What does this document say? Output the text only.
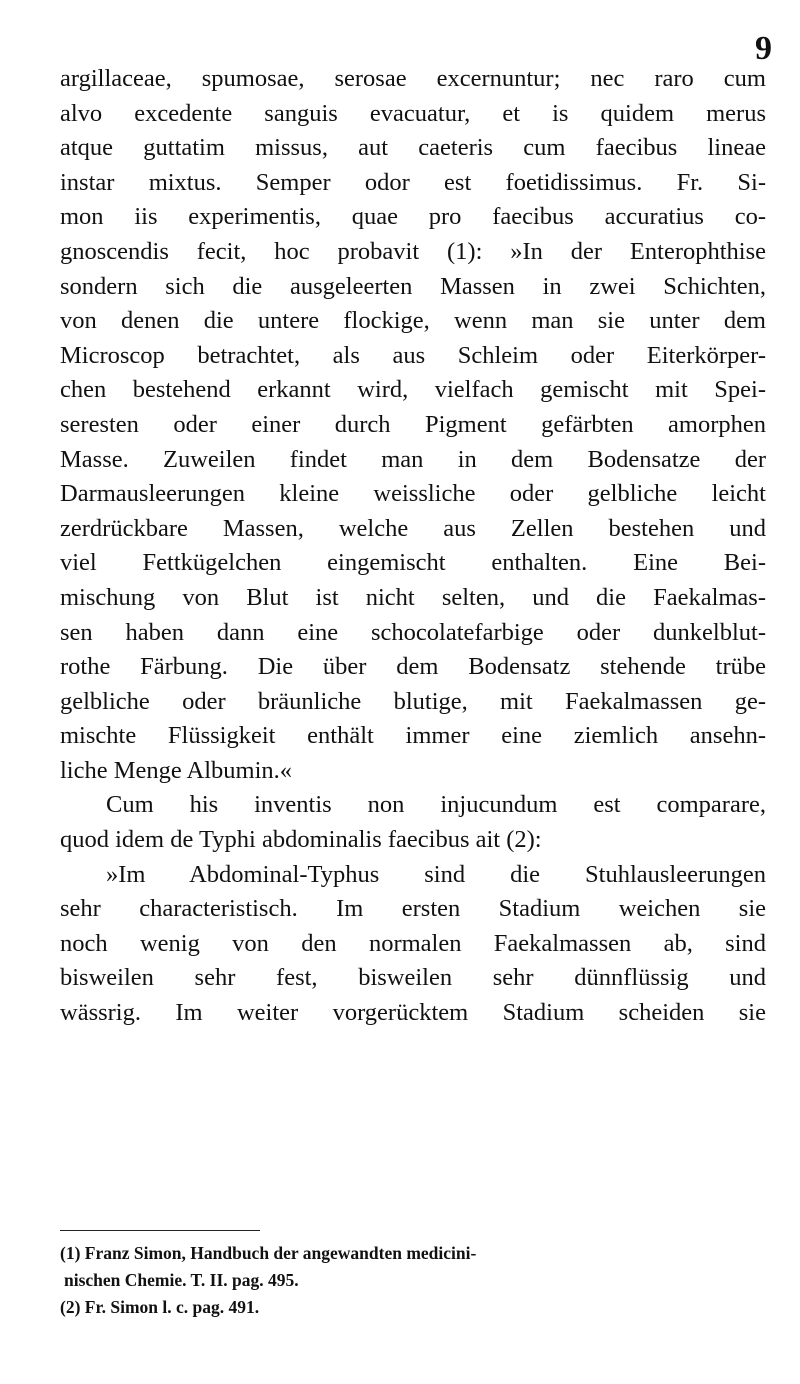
9
argillaceae, spumosae, serosae excernuntur; nec raro cum
alvo excedente sanguis evacuatur, et is quidem merus
atque guttatim missus, aut caeteris cum faecibus lineae
instar mixtus. Semper odor est foetidissimus. Fr. Si-
mon iis experimentis, quae pro faecibus accuratius co-
gnoscendis fecit, hoc probavit (1): »In der Enterophthise
sondern sich die ausgeleerten Massen in zwei Schichten,
von denen die untere flockige, wenn man sie unter dem
Microscop betrachtet, als aus Schleim oder Eiterkörper-
chen bestehend erkannt wird, vielfach gemischt mit Spei-
seresten oder einer durch Pigment gefärbten amorphen
Masse. Zuweilen findet man in dem Bodensatze der
Darmausleerungen kleine weissliche oder gelbliche leicht
zerdrückbare Massen, welche aus Zellen bestehen und
viel Fettkügelchen eingemischt enthalten. Eine Bei-
mischung von Blut ist nicht selten, und die Faekalmas-
sen haben dann eine schocolatefarbige oder dunkelblut-
rothe Färbung. Die über dem Bodensatz stehende trübe
gelbliche oder bräunliche blutige, mit Faekalmassen ge-
mischte Flüssigkeit enthält immer eine ziemlich ansehn-
liche Menge Albumin.«
Cum his inventis non injucundum est comparare,
quod idem de Typhi abdominalis faecibus ait (2):
»Im Abdominal-Typhus sind die Stuhlausleerungen
sehr characteristisch. Im ersten Stadium weichen sie
noch wenig von den normalen Faekalmassen ab, sind
bisweilen sehr fest, bisweilen sehr dünnflüssig und
wässrig. Im weiter vorgerücktem Stadium scheiden sie
(1) Franz Simon, Handbuch der angewandten medicini-
nischen Chemie. T. II. pag. 495.
(2) Fr. Simon l. c. pag. 491.
